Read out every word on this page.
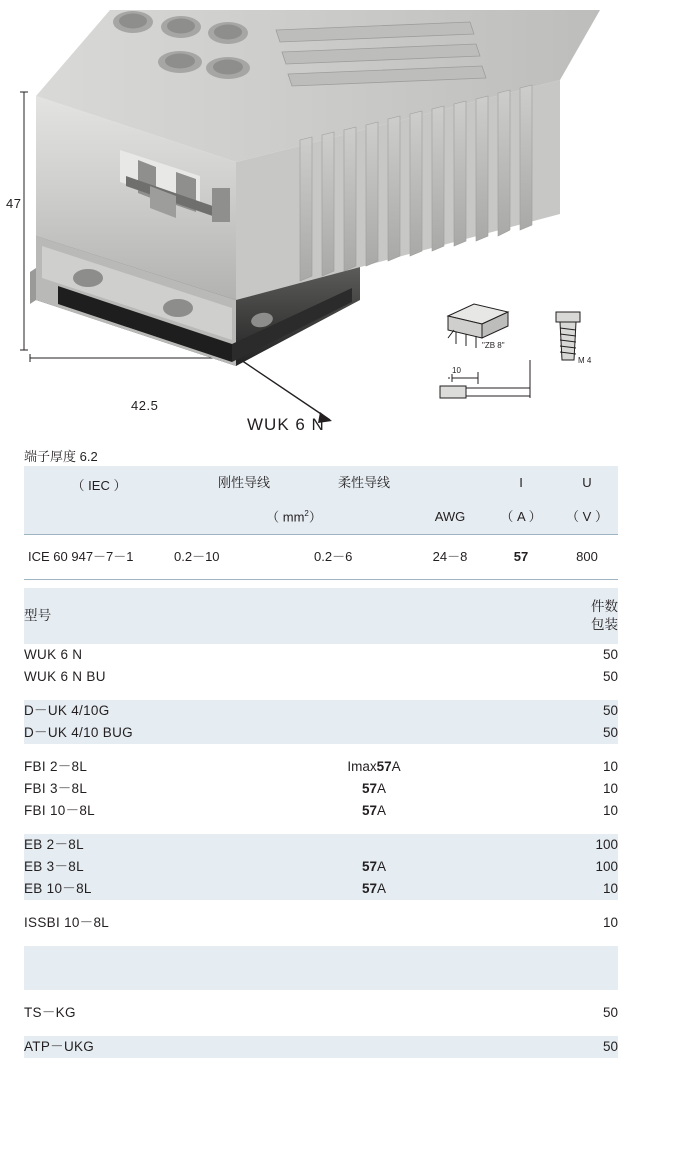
47
42.5
WUK 6 N
"ZB 8"
M 4
10
端子厚度 6.2
（ IEC ）	刚性导线	柔性导线		I	U
	（ $mm^2$）		AWG	（ A ）	（ V ）
ICE 60 947－7－1	0.2－10	0.2－6	24－8	57	800
型号		件数
包装

WUK 6 N		50
WUK 6 N BU		50

D－UK 4/10G		50
D－UK 4/10 BUG		50

FBI 2－8L	Imax57A	10
FBI 3－8L	57A	10
FBI 10－8L	57A	10

EB 2－8L		100
EB 3－8L	57A	100
EB 10－8L	57A	10

ISSBI 10－8L		10

TS－KG		50

ATP－UKG		50
